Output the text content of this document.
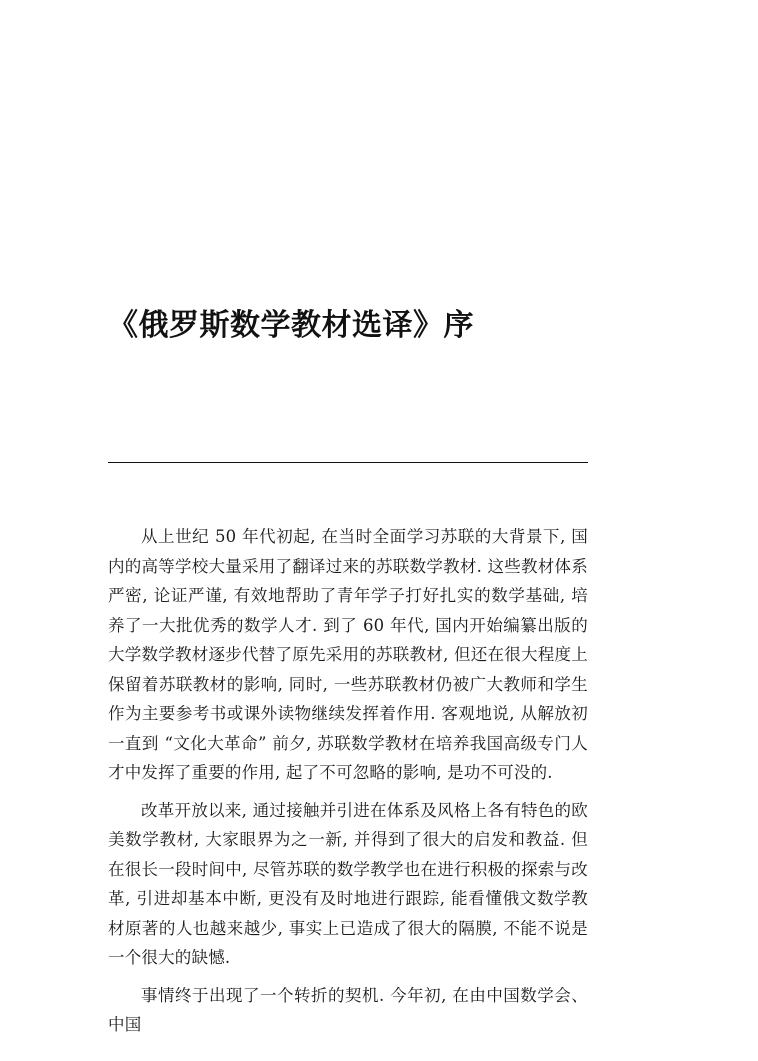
《俄罗斯数学教材选译》序

从上世纪 50 年代初起, 在当时全面学习苏联的大背景下, 国内的高等学校大量采用了翻译过来的苏联数学教材. 这些教材体系严密, 论证严谨, 有效地帮助了青年学子打好扎实的数学基础, 培养了一大批优秀的数学人才. 到了 60 年代, 国内开始编纂出版的大学数学教材逐步代替了原先采用的苏联教材, 但还在很大程度上保留着苏联教材的影响, 同时, 一些苏联教材仍被广大教师和学生作为主要参考书或课外读物继续发挥着作用. 客观地说, 从解放初一直到 “文化大革命” 前夕, 苏联数学教材在培养我国高级专门人才中发挥了重要的作用, 起了不可忽略的影响, 是功不可没的.

改革开放以来, 通过接触并引进在体系及风格上各有特色的欧美数学教材, 大家眼界为之一新, 并得到了很大的启发和教益. 但在很长一段时间中, 尽管苏联的数学教学也在进行积极的探索与改革, 引进却基本中断, 更没有及时地进行跟踪, 能看懂俄文数学教材原著的人也越来越少, 事实上已造成了很大的隔膜, 不能不说是一个很大的缺憾.

事情终于出现了一个转折的契机. 今年初, 在由中国数学会、中国
